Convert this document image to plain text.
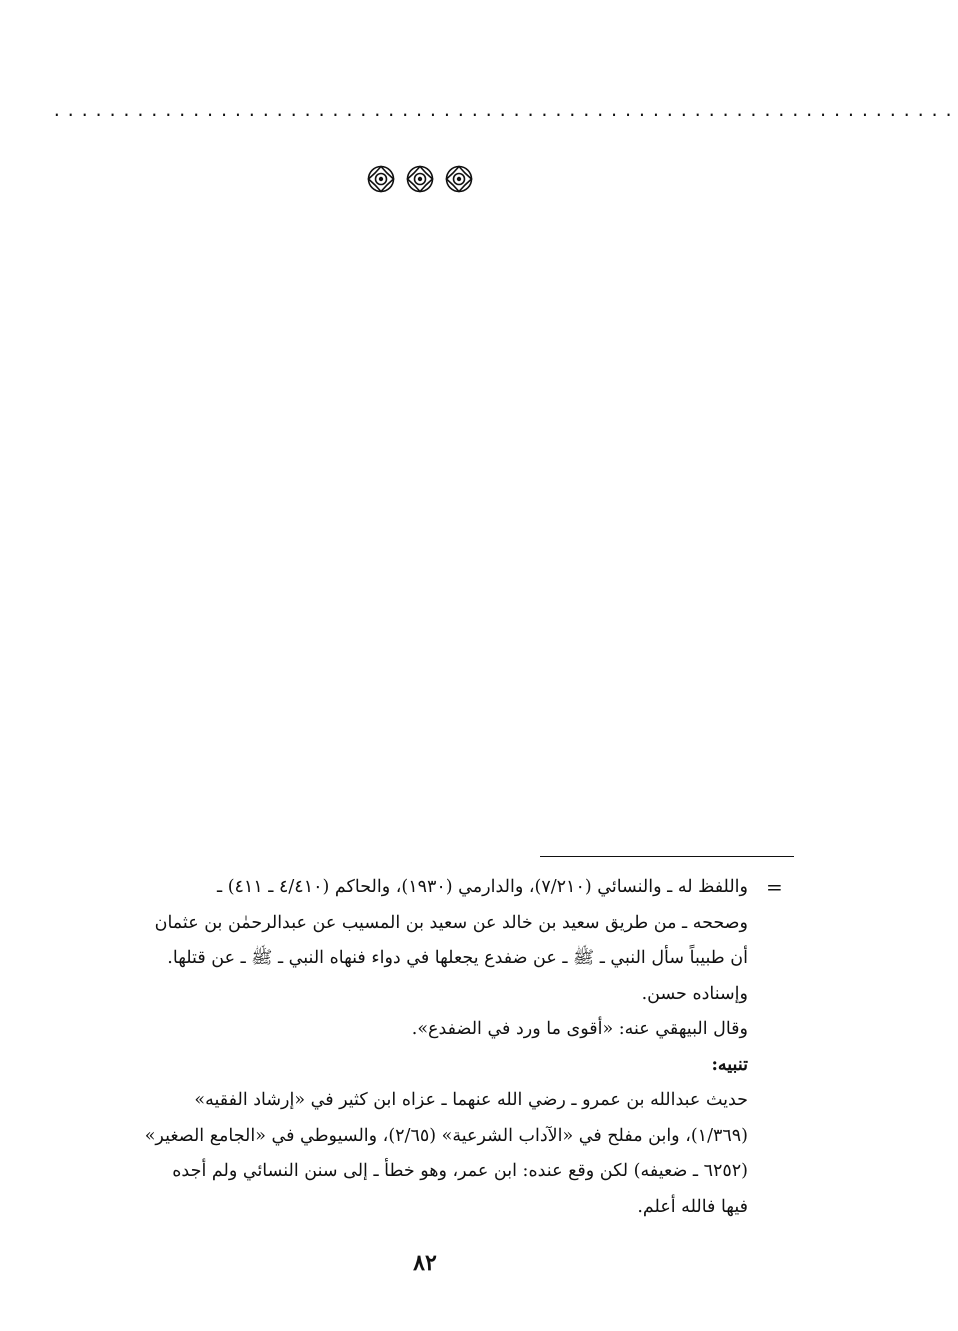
.................................................................
=

واللفظ له ـ والنسائي (٧/٢١٠)، والدارمي (١٩٣٠)، والحاكم (٤/٤١٠ ـ ٤١١) ـ

وصححه ـ من طريق سعيد بن خالد عن سعيد بن المسيب عن عبدالرحمٰن بن عثمان

أن طبيباً سأل النبي ـ ﷺ ـ عن ضفدع يجعلها في دواء فنهاه النبي ـ ﷺ ـ عن قتلها.

وإسناده حسن.

وقال البيهقي عنه: «أقوى ما ورد في الضفدع».

تنبيه:

حديث عبدالله بن عمرو ـ رضي الله عنهما ـ عزاه ابن كثير في «إرشاد الفقيه»

(١/٣٦٩)، وابن مفلح في «الآداب الشرعية» (٢/٦٥)، والسيوطي في «الجامع الصغير»

(٦٢٥٢ ـ ضعيفه) لكن وقع عنده: ابن عمر، وهو خطأ ـ إلى سنن النسائي ولم أجده

فيها فالله أعلم.

٨٢
